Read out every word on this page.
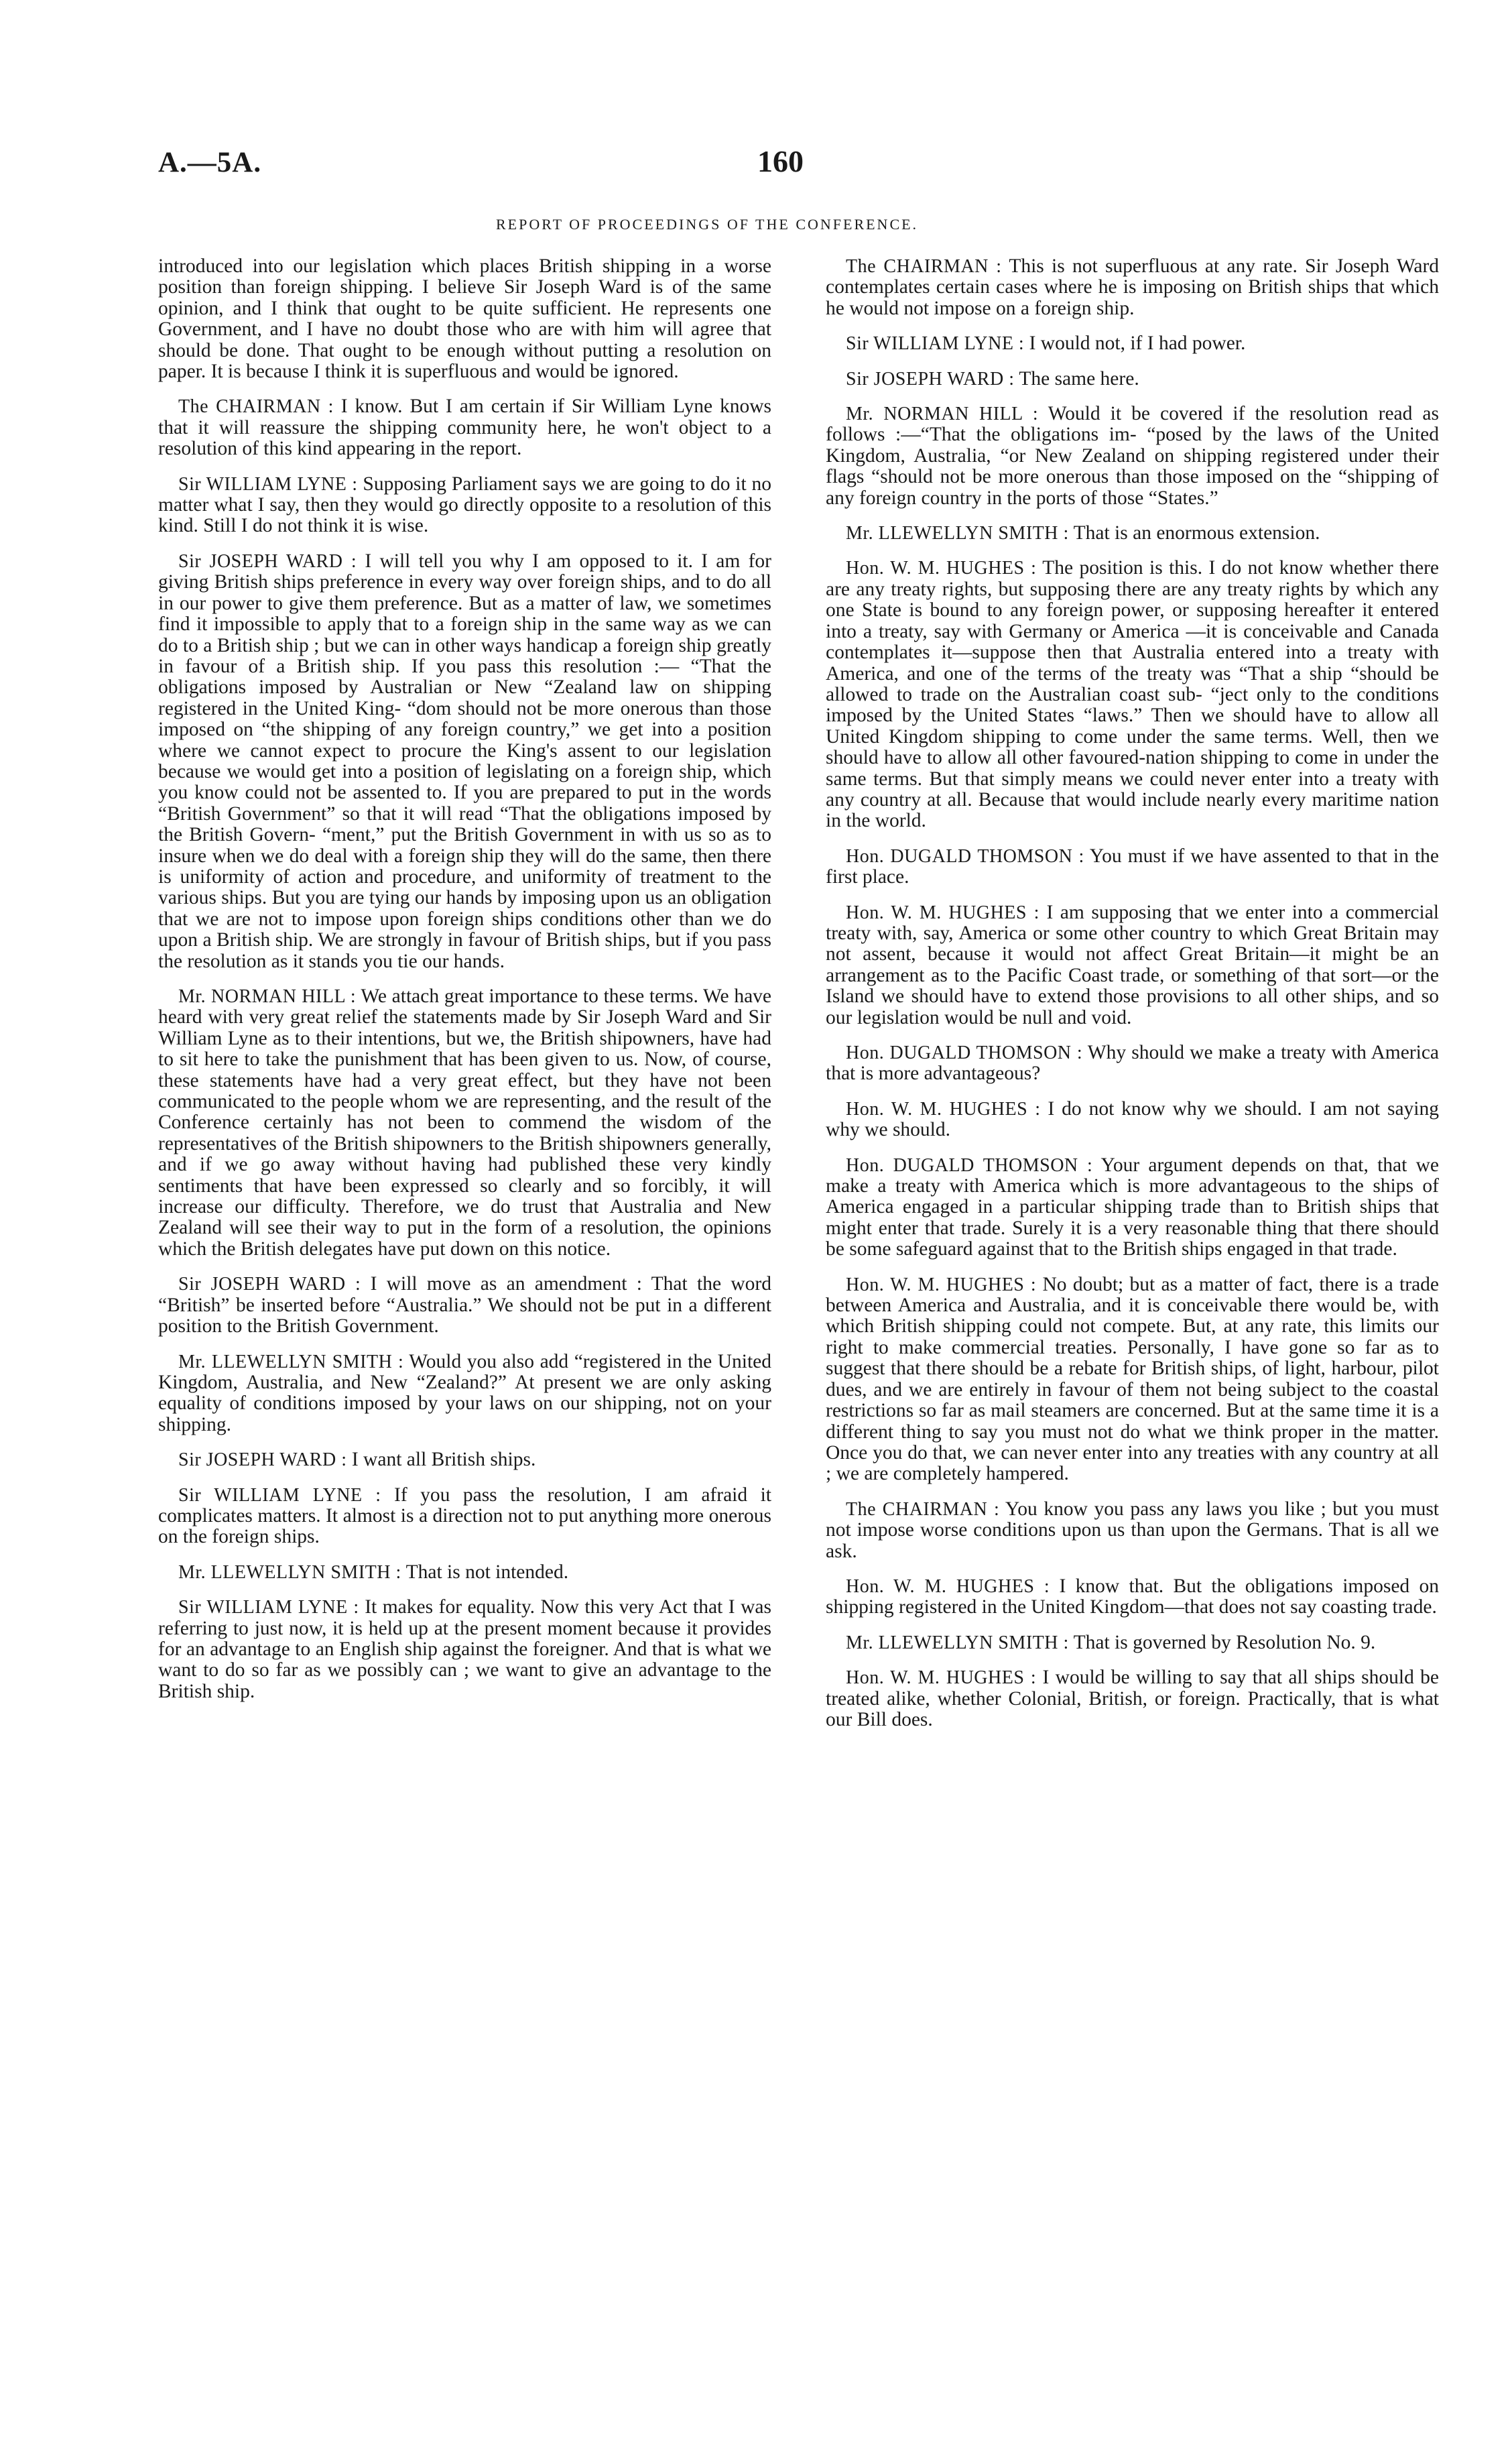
A.—5A.	160
REPORT OF PROCEEDINGS OF THE CONFERENCE.

introduced into our legislation which places British shipping in a worse position than foreign shipping. I believe Sir Joseph Ward is of the same opinion, and I think that ought to be quite sufficient. He represents one Government, and I have no doubt those who are with him will agree that should be done. That ought to be enough without putting a resolution on paper. It is because I think it is superfluous and would be ignored.

The CHAIRMAN : I know. But I am certain if Sir William Lyne knows that it will reassure the shipping community here, he won't object to a resolution of this kind appearing in the report.

Sir WILLIAM LYNE : Supposing Parliament says we are going to do it no matter what I say, then they would go directly opposite to a resolution of this kind. Still I do not think it is wise.

Sir JOSEPH WARD : I will tell you why I am opposed to it. I am for giving British ships preference in every way over foreign ships, and to do all in our power to give them preference. But as a matter of law, we sometimes find it impossible to apply that to a foreign ship in the same way as we can do to a British ship ; but we can in other ways handicap a foreign ship greatly in favour of a British ship. If you pass this resolution :— “That the obligations imposed by Australian or New “Zealand law on shipping registered in the United King- “dom should not be more onerous than those imposed on “the shipping of any foreign country,” we get into a position where we cannot expect to procure the King's assent to our legislation because we would get into a position of legislating on a foreign ship, which you know could not be assented to. If you are prepared to put in the words “British Government” so that it will read “That the obligations imposed by the British Govern- “ment,” put the British Government in with us so as to insure when we do deal with a foreign ship they will do the same, then there is uniformity of action and procedure, and uniformity of treatment to the various ships. But you are tying our hands by imposing upon us an obligation that we are not to impose upon foreign ships conditions other than we do upon a British ship. We are strongly in favour of British ships, but if you pass the resolution as it stands you tie our hands.

Mr. NORMAN HILL : We attach great importance to these terms. We have heard with very great relief the statements made by Sir Joseph Ward and Sir William Lyne as to their intentions, but we, the British shipowners, have had to sit here to take the punishment that has been given to us. Now, of course, these statements have had a very great effect, but they have not been communicated to the people whom we are representing, and the result of the Conference certainly has not been to commend the wisdom of the representatives of the British shipowners to the British shipowners generally, and if we go away without having had published these very kindly sentiments that have been expressed so clearly and so forcibly, it will increase our difficulty. Therefore, we do trust that Australia and New Zealand will see their way to put in the form of a resolution, the opinions which the British delegates have put down on this notice.

Sir JOSEPH WARD : I will move as an amendment : That the word “British” be inserted before “Australia.” We should not be put in a different position to the British Government.

Mr. LLEWELLYN SMITH : Would you also add “registered in the United Kingdom, Australia, and New “Zealand?” At present we are only asking equality of conditions imposed by your laws on our shipping, not on your shipping.

Sir JOSEPH WARD : I want all British ships.

Sir WILLIAM LYNE : If you pass the resolution, I am afraid it complicates matters. It almost is a direction not to put anything more onerous on the foreign ships.

Mr. LLEWELLYN SMITH : That is not intended.

Sir WILLIAM LYNE : It makes for equality. Now this very Act that I was referring to just now, it is held up at the present moment because it provides for an advantage to an English ship against the foreigner. And that is what we want to do so far as we possibly can ; we want to give an advantage to the British ship.

The CHAIRMAN : This is not superfluous at any rate. Sir Joseph Ward contemplates certain cases where he is imposing on British ships that which he would not impose on a foreign ship.

Sir WILLIAM LYNE : I would not, if I had power.

Sir JOSEPH WARD : The same here.

Mr. NORMAN HILL : Would it be covered if the resolution read as follows :—“That the obligations im- “posed by the laws of the United Kingdom, Australia, “or New Zealand on shipping registered under their flags “should not be more onerous than those imposed on the “shipping of any foreign country in the ports of those “States.”

Mr. LLEWELLYN SMITH : That is an enormous extension.

Hon. W. M. HUGHES : The position is this. I do not know whether there are any treaty rights, but supposing there are any treaty rights by which any one State is bound to any foreign power, or supposing hereafter it entered into a treaty, say with Germany or America —it is conceivable and Canada contemplates it—suppose then that Australia entered into a treaty with America, and one of the terms of the treaty was “That a ship “should be allowed to trade on the Australian coast sub- “ject only to the conditions imposed by the United States “laws.” Then we should have to allow all United Kingdom shipping to come under the same terms. Well, then we should have to allow all other favoured-nation shipping to come in under the same terms. But that simply means we could never enter into a treaty with any country at all. Because that would include nearly every maritime nation in the world.

Hon. DUGALD THOMSON : You must if we have assented to that in the first place.

Hon. W. M. HUGHES : I am supposing that we enter into a commercial treaty with, say, America or some other country to which Great Britain may not assent, because it would not affect Great Britain—it might be an arrangement as to the Pacific Coast trade, or something of that sort—or the Island we should have to extend those provisions to all other ships, and so our legislation would be null and void.

Hon. DUGALD THOMSON : Why should we make a treaty with America that is more advantageous?

Hon. W. M. HUGHES : I do not know why we should. I am not saying why we should.

Hon. DUGALD THOMSON : Your argument depends on that, that we make a treaty with America which is more advantageous to the ships of America engaged in a particular shipping trade than to British ships that might enter that trade. Surely it is a very reasonable thing that there should be some safeguard against that to the British ships engaged in that trade.

Hon. W. M. HUGHES : No doubt; but as a matter of fact, there is a trade between America and Australia, and it is conceivable there would be, with which British shipping could not compete. But, at any rate, this limits our right to make commercial treaties. Personally, I have gone so far as to suggest that there should be a rebate for British ships, of light, harbour, pilot dues, and we are entirely in favour of them not being subject to the coastal restrictions so far as mail steamers are concerned. But at the same time it is a different thing to say you must not do what we think proper in the matter. Once you do that, we can never enter into any treaties with any country at all ; we are completely hampered.

The CHAIRMAN : You know you pass any laws you like ; but you must not impose worse conditions upon us than upon the Germans. That is all we ask.

Hon. W. M. HUGHES : I know that. But the obligations imposed on shipping registered in the United Kingdom—that does not say coasting trade.

Mr. LLEWELLYN SMITH : That is governed by Resolution No. 9.

Hon. W. M. HUGHES : I would be willing to say that all ships should be treated alike, whether Colonial, British, or foreign. Practically, that is what our Bill does.
